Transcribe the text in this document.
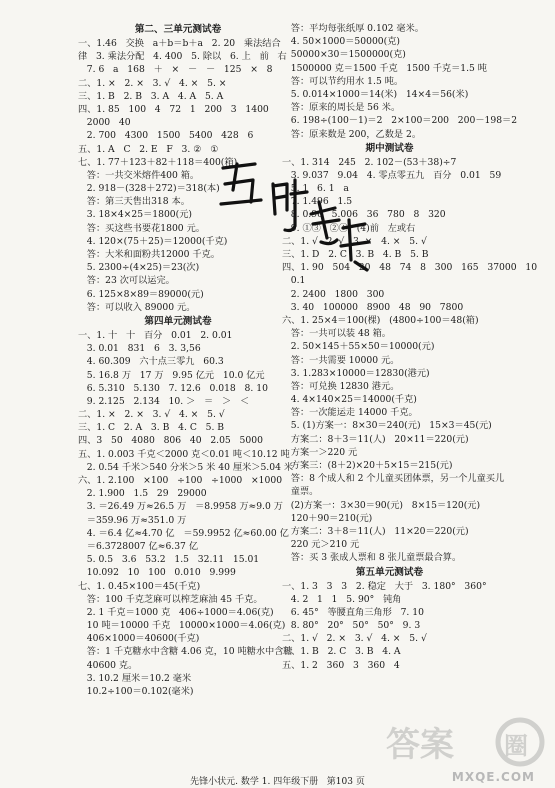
第二、三单元测试卷
一、1.46   交换   a＋b＝b＋a   2. 20   乘法结合
律   3. 乘法分配   4. 400   5. 除以   6. 上   前   右
7. 6   a   168   ＋   ×   －   －   125   ×   8
二、1. ×   2. ×   3. √   4. ×   5. ×
三、1. B   2. B   3. A   4. A   5. A
四、1. 85   100   4   72   1   200   3   1400
2000   40
2. 700   4300   1500   5400   428   6
五、1. A   C   2. E   F   3. ②   ①
七、1. 77＋123＋82＋118＝400(箱)
答：一共交米熔件400 箱。
2. 918－(328＋272)＝318(本)
答：第三天售出318 本。
3. 18×4×25＝1800(元)
答：买这些书要花1800 元。
4. 120×(75＋25)＝12000(千克)
答：大米和面粉共12000 千克。
5. 2300÷(4×25)＝23(次)
答：23 次可以运完。
6. 125×8×89＝89000(元)
答：可以收入 89000 元。
第四单元测试卷
一、1. 十   十   百分   0.01   2. 0.01
3. 0.01   831   6   3. 3,56
4. 60.309   六十点三零九   60.3
5. 16.8 万   17 万   9.95 亿元   10.0 亿元
6. 5.310   5.130   7. 12.6   0.018   8. 10
9. 2.125   2.134   10. ＞   ＝   ＞   ＜
二、1. ×   2. ×   3. √   4. ×   5. √
三、1. C   2. A   3. B   4. C   5. B
四、3   50   4080   806   40   2.05   5000
五、1. 0.003 千克＜2000 克＜0.01 吨＜10.12 吨
2. 0.54 千米＞540 分米＞5 米 40 厘米＞5.04 米
六、1. 2.100   ×100   ÷100   ÷1000   ×1000
2. 1.900   1.5   29   29000
3. ＝26.49 万≈26.5 万   ＝8.9958 万≈9.0 万
＝359.96 万≈351.0 万
4. ＝6.4 亿≈4.70 亿   ＝59.9952 亿≈60.00 亿
＝6.3728007 亿≈6.37 亿
5. 0.5   3.6   53.2   1.5   32.11   15.01
10.092   10   100   0.010   9.999
七、1. 0.45×100＝45(千克)
答：100 千克芝麻可以榨芝麻油 45 千克。
2. 1 千克＝1000 克   406÷1000＝4.06(克)
10 吨＝10000 千克   10000×1000＝4.06(克)
406×1000＝40600(千克)
答：1 千克糖水中含糖 4.06 克，10 吨糖水中含糖
40600 克。
3. 10.2 厘米＝10.2 毫米
10.2÷100＝0.102(毫米)
答：平均每张纸厚 0.102 毫米。
4. 50×1000＝50000(克)
50000×30＝1500000(克)
1500000 克＝1500 千克   1500 千克＝1.5 吨
答：可以节约用水 1.5 吨。
5. 0.014×1000＝14(米)   14×4＝56(米)
答：原来的周长是 56 米。
6. 198÷(100－1)＝2   2×100＝200   200－198＝2
答：原来数是 200，乙数是 2。
期中测试卷
一、1. 314   245   2. 102－(53＋38)÷7
3. 9.037   9.04   4. 零点零五九   百分   0.01   59
5. 1   6. 1   a
7. 1.496   1.5
8. 0.96   5.006   36   780   8   320
9. ①③   ②④   (4)前   左或右
二、1. √   2. √   3. ×   4. ×   5. √
三、1. D   2. C   3. B   4. B   5. B
四、1. 90   504   20   48   74   8   300   165   37000   10
0.1
2. 2400   1800   300
3. 40   100000   8900   48   90   7800
六、1. 25×4＝100(棵)   (4800÷100＝48(箱)
答：一共可以装 48 箱。
2. 50×145＋55×50＝10000(元)
答：一共需要 10000 元。
3. 1.283×10000＝12830(港元)
答：可兑换 12830 港元。
4. 4×140×25＝14000(千克)
答：一次能运走 14000 千克。
5. (1)方案一：8×30＝240(元)   15×3＝45(元)
方案二：8＋3＝11(人)   20×11＝220(元)
方案一＞220 元
方案三：(8＋2)×20＋5×15＝215(元)
答：8 个成人和 2 个儿童买团体票，另一个儿童买儿
童票。
(2)方案一：3×30＝90(元)   8×15＝120(元)
120＋90＝210(元)
方案二：3＋8＝11(人)   11×20＝220(元)
220 元＞210 元
答：买 3 张成人票和 8 张儿童票最合算。
第五单元测试卷
一、1. 3   3   3   2. 稳定   大于   3. 180°   360°
4. 2   1   1   5. 90°   钝角
6. 45°   等腰直角三角形   7. 10
8. 80°   20°   50°   50°   9. 3
二、1. √   2. ×   3. √   4. ×   5. √
三、1. B   2. C   3. B   4. A
五、1. 2   360   3   360   4
答案 圈
MXQE.COM
先锋小状元. 数学 1. 四年级下册   第103 页
